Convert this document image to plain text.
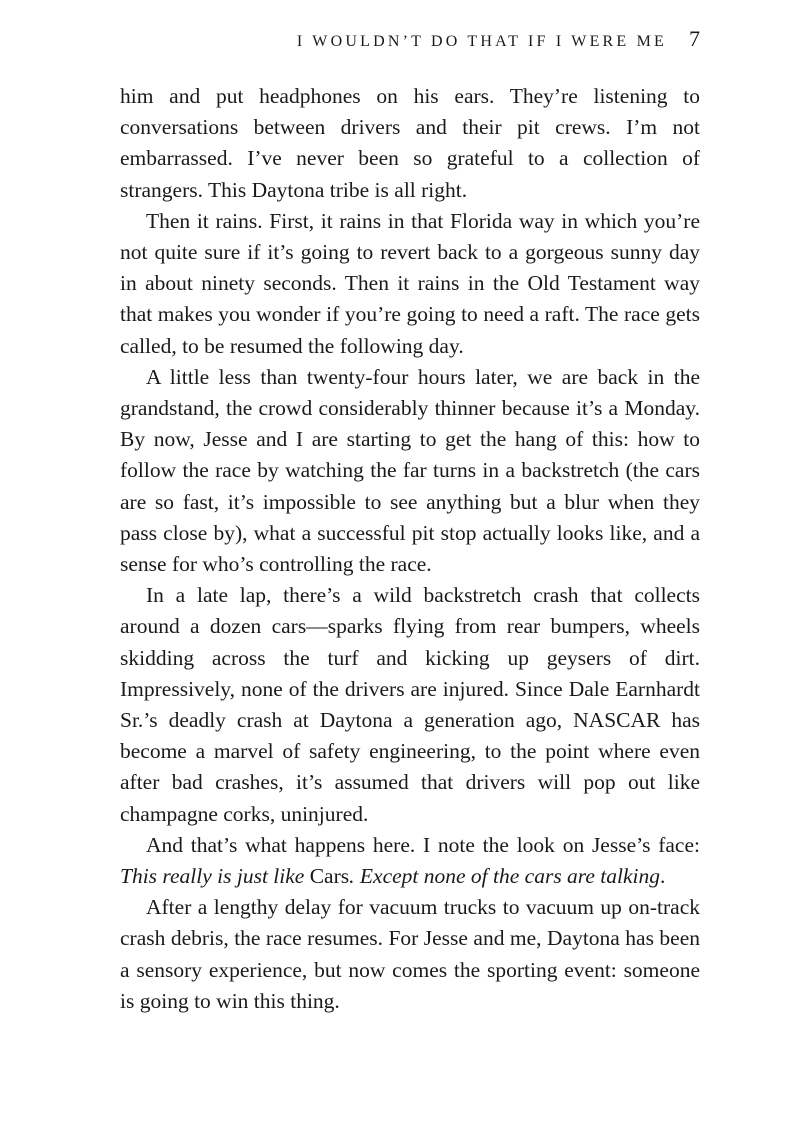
I WOULDN’T DO THAT IF I WERE ME 7

him and put headphones on his ears. They’re listening to conversations between drivers and their pit crews. I’m not embarrassed. I’ve never been so grateful to a collection of strangers. This Daytona tribe is all right.

Then it rains. First, it rains in that Florida way in which you’re not quite sure if it’s going to revert back to a gorgeous sunny day in about ninety seconds. Then it rains in the Old Testament way that makes you wonder if you’re going to need a raft. The race gets called, to be resumed the following day.

A little less than twenty-four hours later, we are back in the grandstand, the crowd considerably thinner because it’s a Monday. By now, Jesse and I are starting to get the hang of this: how to follow the race by watching the far turns in a backstretch (the cars are so fast, it’s impossible to see anything but a blur when they pass close by), what a successful pit stop actually looks like, and a sense for who’s controlling the race.

In a late lap, there’s a wild backstretch crash that collects around a dozen cars—sparks flying from rear bumpers, wheels skidding across the turf and kicking up geysers of dirt. Impressively, none of the drivers are injured. Since Dale Earnhardt Sr.’s deadly crash at Daytona a generation ago, NASCAR has become a marvel of safety engineering, to the point where even after bad crashes, it’s assumed that drivers will pop out like champagne corks, uninjured.

And that’s what happens here. I note the look on Jesse’s face: This really is just like Cars. Except none of the cars are talking.

After a lengthy delay for vacuum trucks to vacuum up on-track crash debris, the race resumes. For Jesse and me, Daytona has been a sensory experience, but now comes the sporting event: someone is going to win this thing.
